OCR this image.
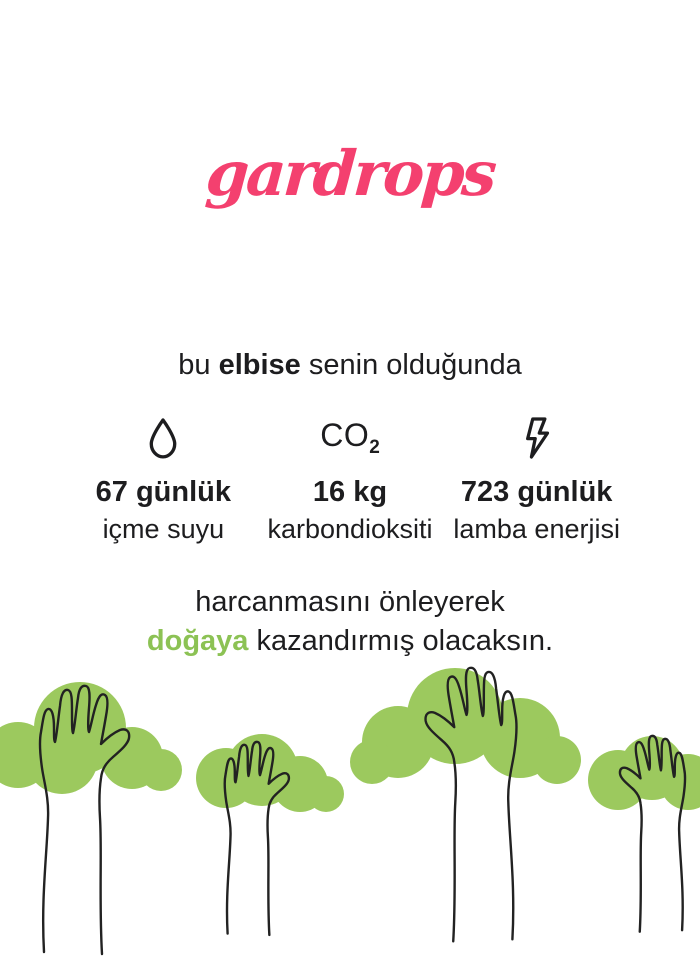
gardrops
bu elbise senin olduğunda
67 günlük
içme suyu
$CO_2$
16 kg
karbondioksiti
723 günlük
lamba enerjisi
harcanmasını önleyerek
doğaya kazandırmış olacaksın.
